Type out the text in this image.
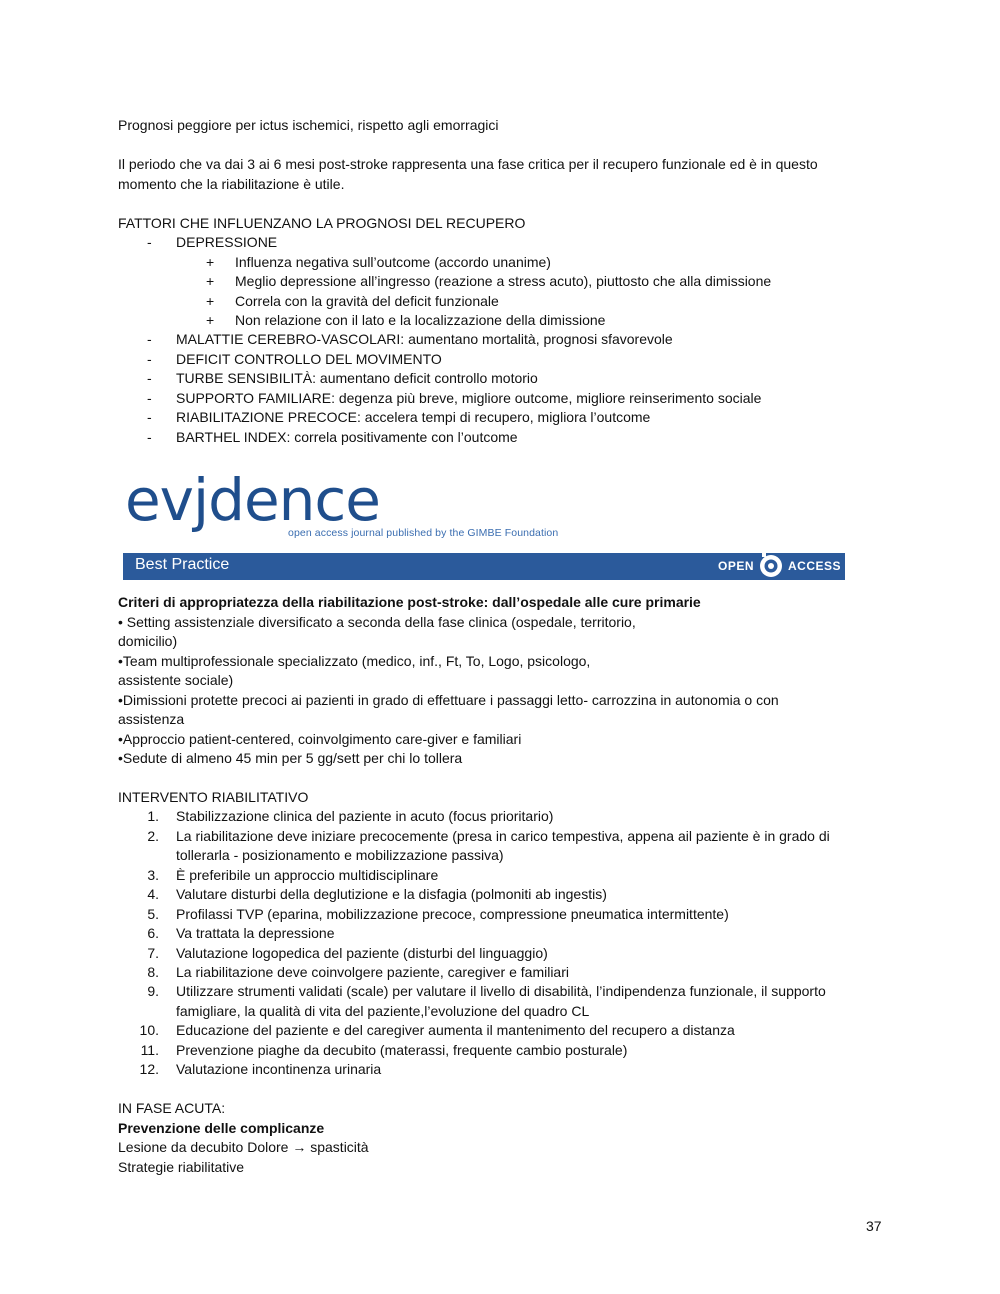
Prognosi peggiore per ictus ischemici, rispetto agli emorragici

Il periodo che va dai 3 ai 6 mesi post-stroke rappresenta una fase critica per il recupero funzionale ed è in questo

momento che la riabilitazione è utile.

FATTORI CHE INFLUENZANO LA PROGNOSI DEL RECUPERO

- DEPRESSIONE

+ Influenza negativa sull’outcome (accordo unanime)

+ Meglio depressione all’ingresso (reazione a stress acuto), piuttosto che alla dimissione

+ Correla con la gravità del deficit funzionale

+ Non relazione con il lato e la localizzazione della dimissione

- MALATTIE CEREBRO-VASCOLARI: aumentano mortalità, prognosi sfavorevole

- DEFICIT CONTROLLO DEL MOVIMENTO

- TURBE SENSIBILITÀ: aumentano deficit controllo motorio

- SUPPORTO FAMILIARE: degenza più breve, migliore outcome, migliore reinserimento sociale

- RIABILITAZIONE PRECOCE: accelera tempi di recupero, migliora l’outcome

- BARTHEL INDEX: correla positivamente con l’outcome

evjdence
open access journal published by the GIMBE Foundation
Best Practice	OPEN	ACCESS

Criteri di appropriatezza della riabilitazione post-stroke: dall’ospedale alle cure primarie

• Setting assistenziale diversificato a seconda della fase clinica (ospedale, territorio,

domicilio)

•Team multiprofessionale specializzato (medico, inf., Ft, To, Logo, psicologo,

assistente sociale)

•Dimissioni protette precoci ai pazienti in grado di effettuare i passaggi letto- carrozzina in autonomia o con

assistenza

•Approccio patient-centered, coinvolgimento care-giver e familiari

•Sedute di almeno 45 min per 5 gg/sett per chi lo tollera

INTERVENTO RIABILITATIVO

1. Stabilizzazione clinica del paziente in acuto (focus prioritario)

2. La riabilitazione deve iniziare precocemente (presa in carico tempestiva, appena ail paziente è in grado di

tollerarla - posizionamento e mobilizzazione passiva)

3. È preferibile un approccio multidisciplinare

4. Valutare disturbi della deglutizione e la disfagia (polmoniti ab ingestis)

5. Profilassi TVP (eparina, mobilizzazione precoce, compressione pneumatica intermittente)

6. Va trattata la depressione

7. Valutazione logopedica del paziente (disturbi del linguaggio)

8. La riabilitazione deve coinvolgere paziente, caregiver e familiari

9. Utilizzare strumenti validati (scale) per valutare il livello di disabilità, l’indipendenza funzionale, il supporto

famigliare, la qualità di vita del paziente,l’evoluzione del quadro CL

10. Educazione del paziente e del caregiver aumenta il mantenimento del recupero a distanza

11. Prevenzione piaghe da decubito (materassi, frequente cambio posturale)

12. Valutazione incontinenza urinaria

IN FASE ACUTA:

Prevenzione delle complicanze

Lesione da decubito Dolore → spasticità

Strategie riabilitative

37
